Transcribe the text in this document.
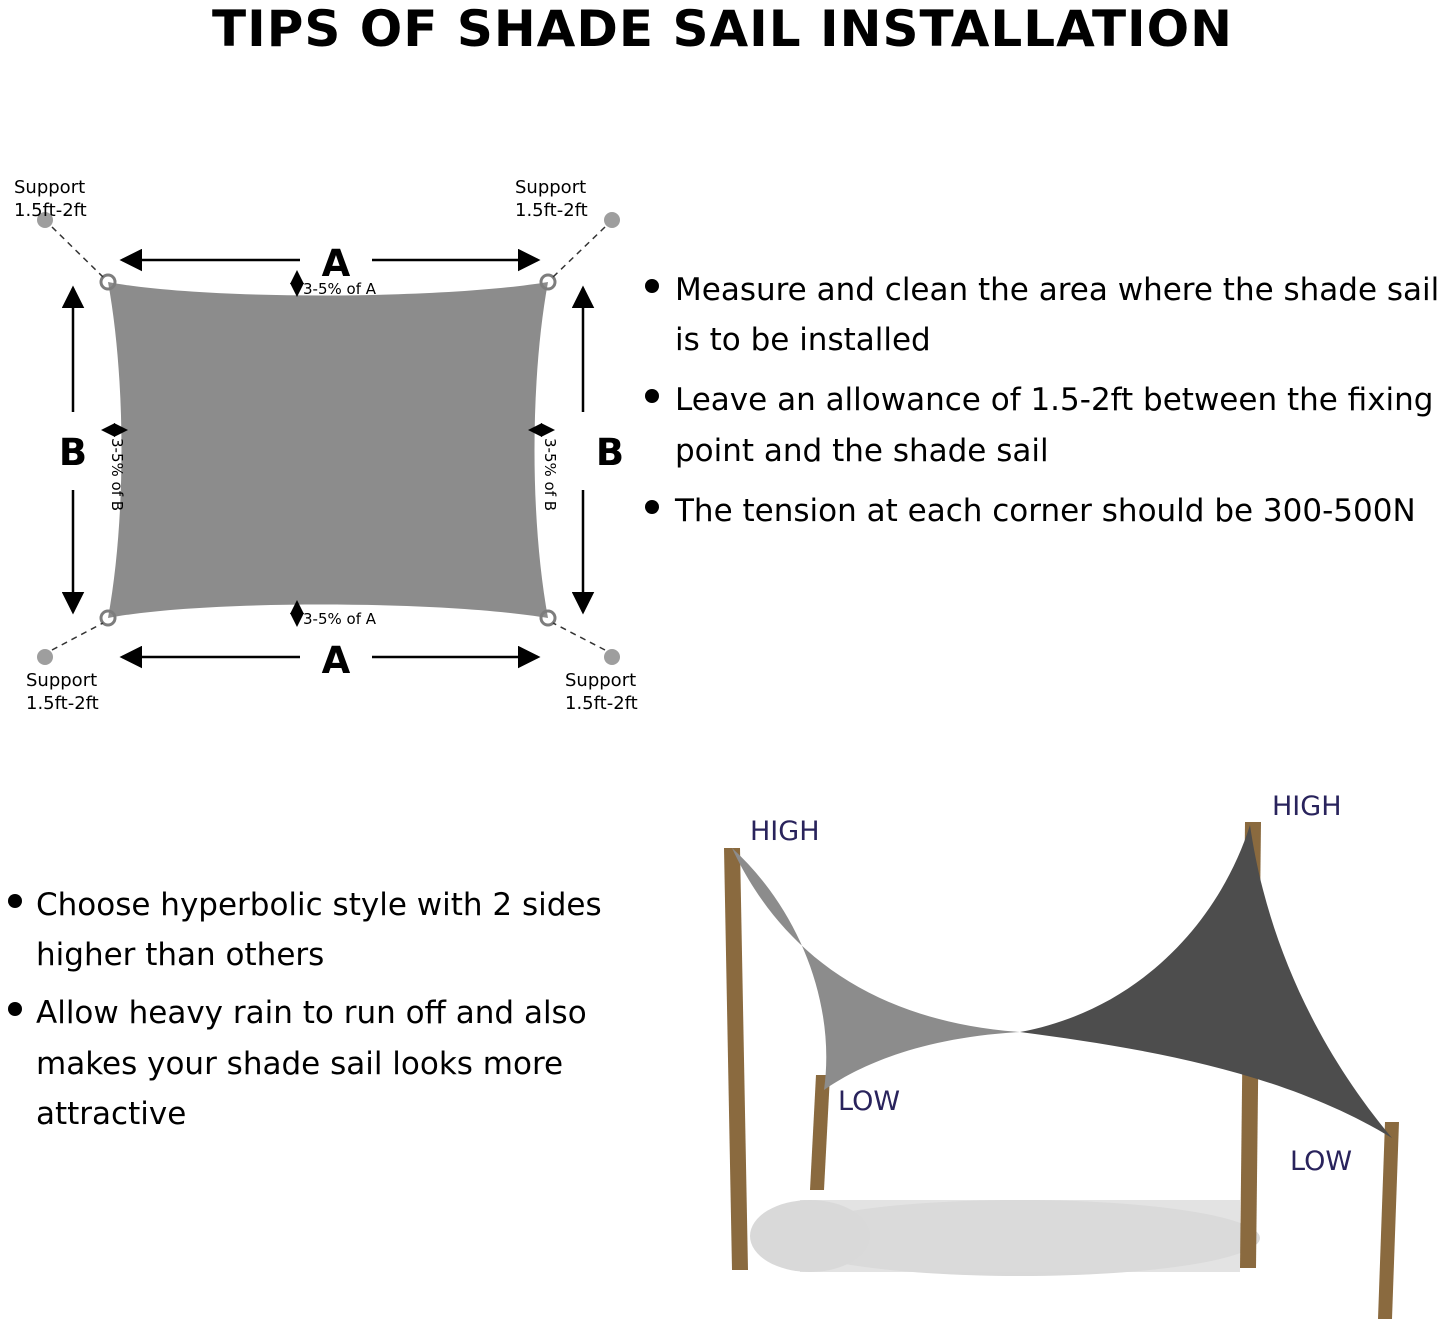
TIPS OF SHADE SAIL INSTALLATION
A
A
B	B
3-5% of A
3-5% of A
3-5% of B	3-5% of B
Support
1.5ft-2ft
Support
1.5ft-2ft
Support
1.5ft-2ft
Support
1.5ft-2ft
Measure and clean the area where the shade sail is to be installed
Leave an allowance of 1.5-2ft between the fixing point and the shade sail
The tension at each corner should be 300-500N
Choose hyperbolic style with 2 sides higher than others
Allow heavy rain to run off and also makes your shade sail looks more attractive
HIGH
HIGH
LOW
LOW
